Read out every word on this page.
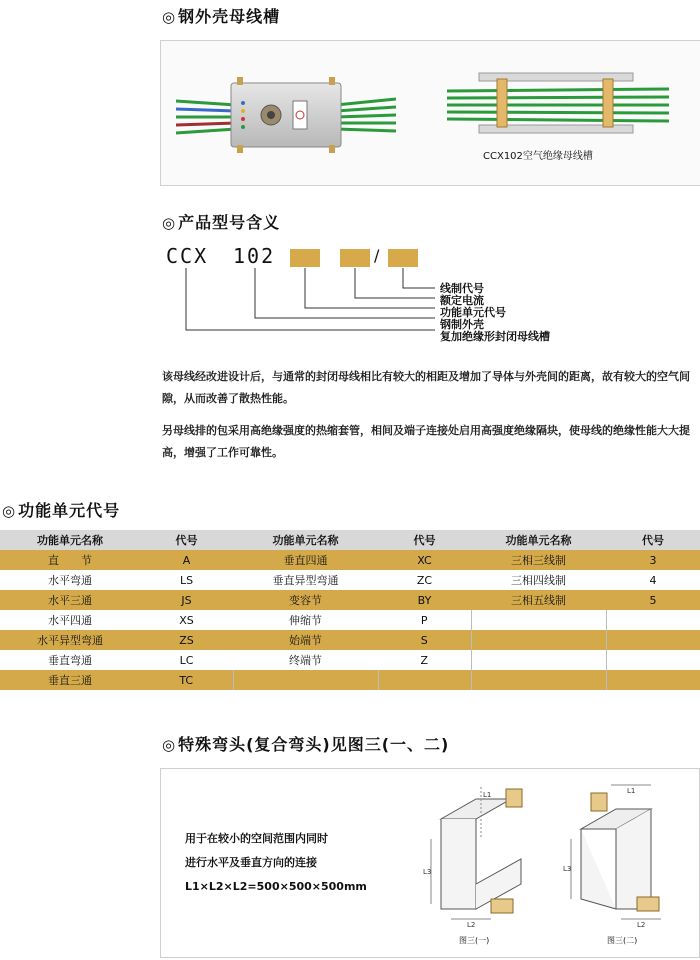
◎ 钢外壳母线槽
CCX102空气绝缘母线槽
◎ 产品型号含义
CCX 102	/
线制代号
额定电流
功能单元代号
钢制外壳
复加绝缘形封闭母线槽
该母线经改进设计后，与通常的封闭母线相比有较大的相距及增加了导体与外壳间的距离，故有较大的空气间隙，从而改善了散热性能。
另母线排的包采用高绝缘强度的热缩套管，相间及端子连接处启用高强度绝缘隔块，使母线的绝缘性能大大提高，增强了工作可靠性。
◎ 功能单元代号
功能单元名称	代号	功能单元名称	代号	功能单元名称	代号
直　　节	A	垂直四通	XC	三相三线制	3
水平弯通	LS	垂直异型弯通	ZC	三相四线制	4
水平三通	JS	变容节	BY	三相五线制	5
水平四通	XS	伸缩节	P		
水平异型弯通	ZS	始端节	S		
垂直弯通	LC	终端节	Z		
垂直三通	TC				
◎ 特殊弯头(复合弯头)见图三(一、二)
用于在较小的空间范围内同时
进行水平及垂直方向的连接
L1×L2×L2=500×500×500mm
L1
L3
L2
图三(一)
L1
L3
L2
图三(二)
